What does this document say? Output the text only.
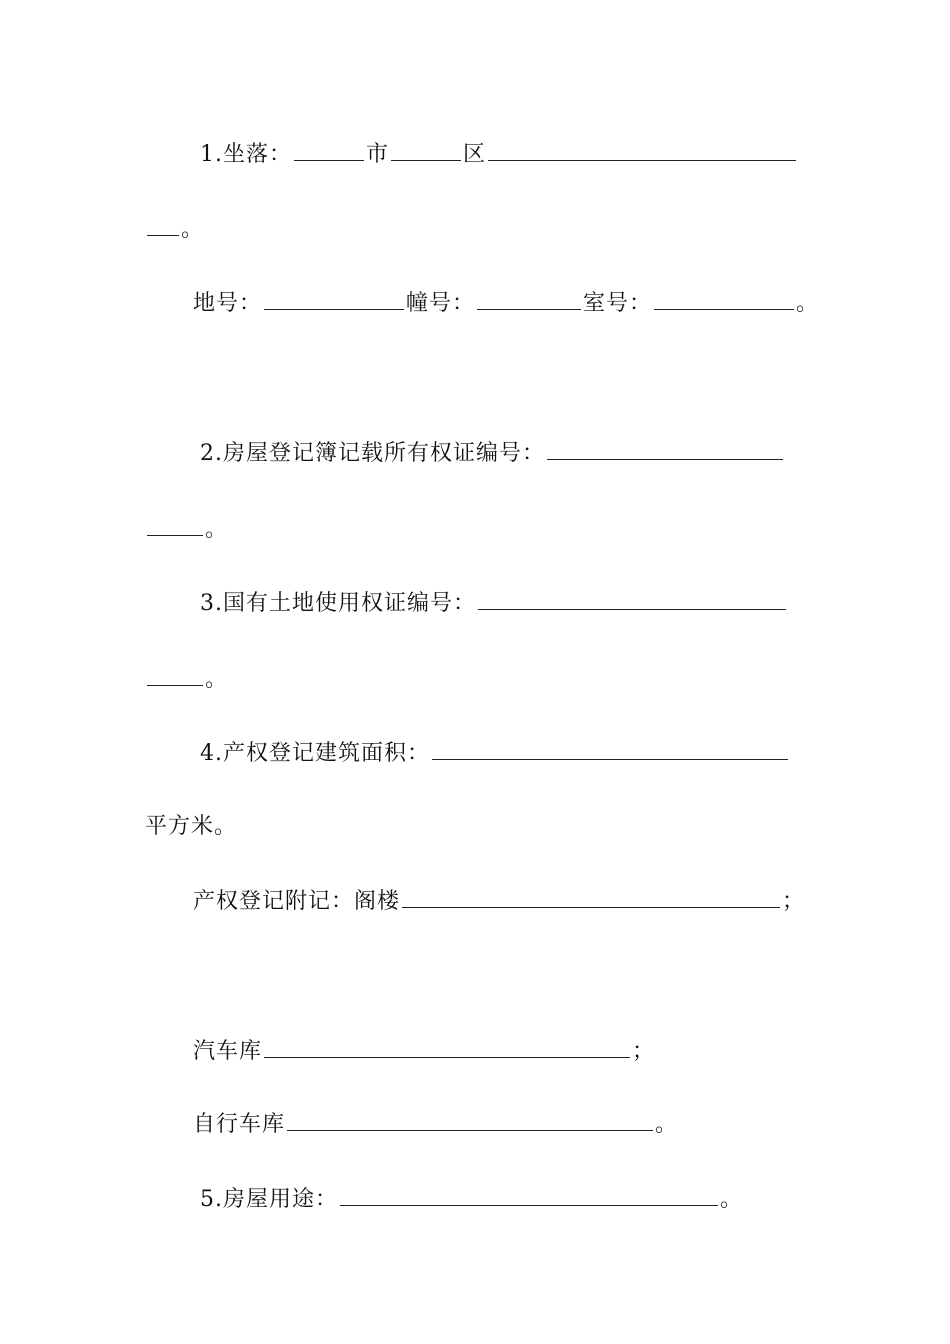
1.坐落：	市	区
。
地号：	幢号：	室号：	。
2.房屋登记簿记载所有权证编号：
。
3.国有土地使用权证编号：
。
4.产权登记建筑面积：
平方米。
产权登记附记：阁楼	；
汽车库	；
自行车库	。
5.房屋用途：	。
